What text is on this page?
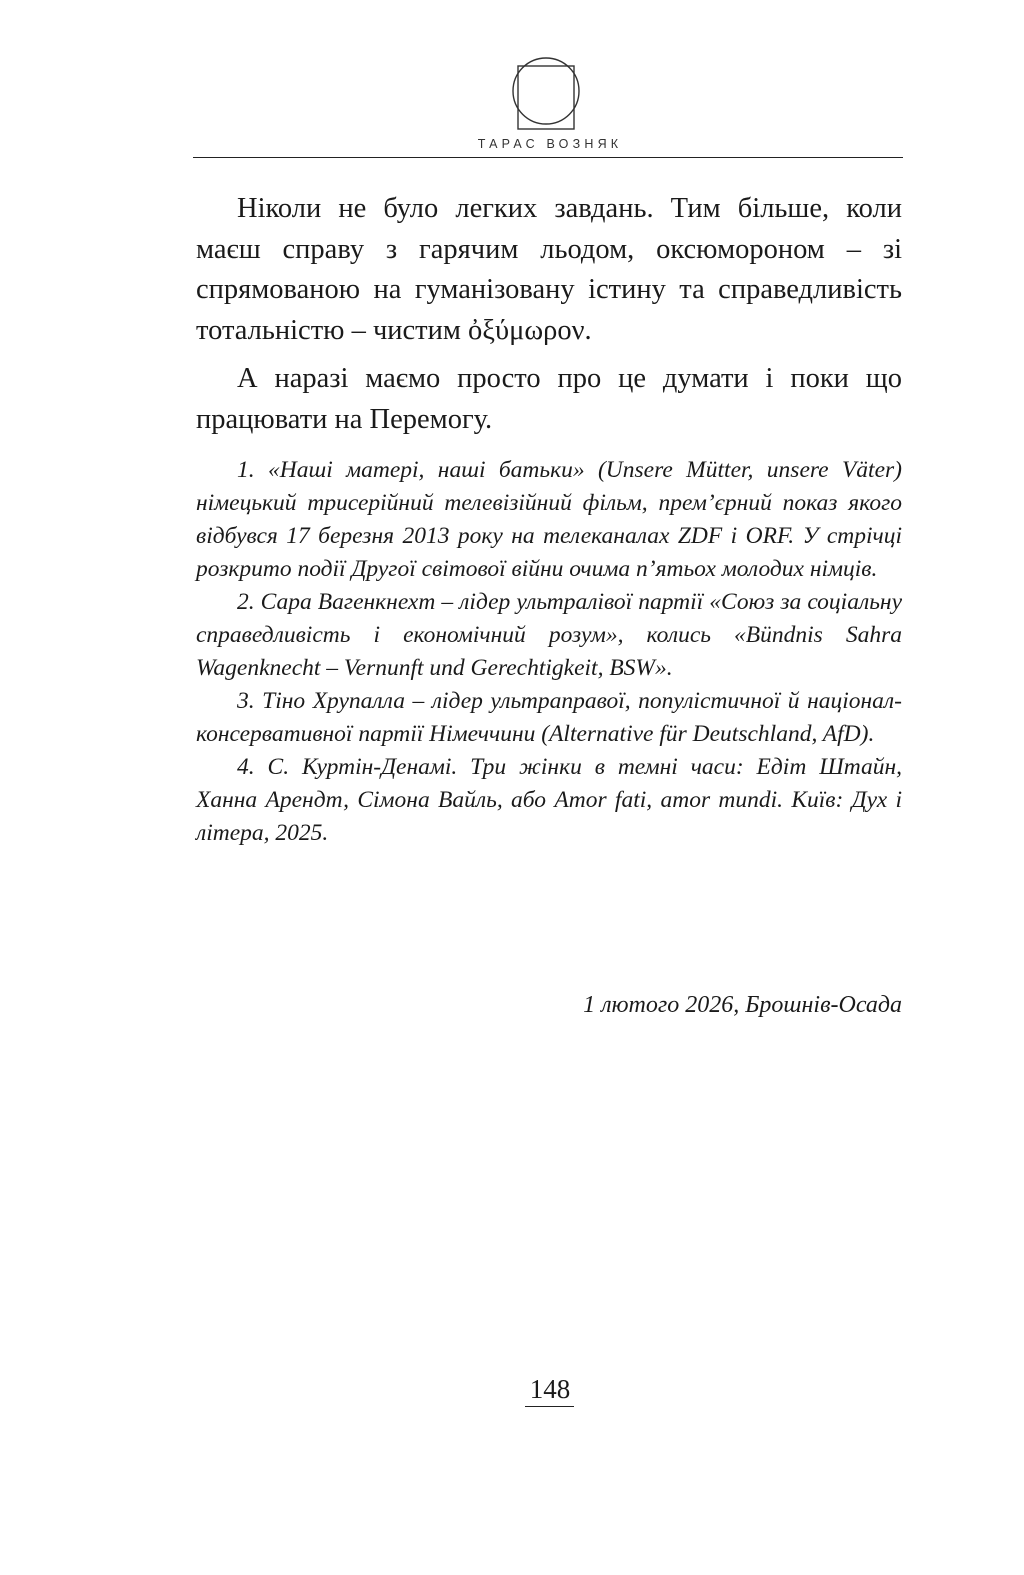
ТАРАС ВОЗНЯК

Ніколи не було легких завдань. Тим більше, коли маєш справу з гарячим льодом, оксюмороном – зі спрямованою на гуманізовану істину та справедливість тотальністю – чистим ὀξύμωρον.

А наразі маємо просто про це думати і поки що працювати на Перемогу.

1. «Наші матері, наші батьки» (Unsere Mütter, unsere Väter) німецький трисерійний телевізійний фільм, прем’єрний показ якого відбувся 17 березня 2013 року на телеканалах ZDF і ORF. У стрічці розкрито події Другої світової війни очима п’ятьох молодих німців.

2. Сара Вагенкнехт – лідер ультралівої партії «Союз за соціальну справедливість і економічний розум», колись «Bündnis Sahra Wagenknecht – Vernunft und Gerechtigkeit, BSW».

3. Тіно Хрупалла – лідер ультраправої, популістичної й націонал-консервативної партії Німеччини (Alternative für Deutschland, AfD).

4. С. Куртін-Денамі. Три жінки в темні часи: Едіт Штайн, Ханна Арендт, Сімона Вайль, або Amor fati, amor mundi. Київ: Дух і літера, 2025.

1 лютого 2026, Брошнів-Осада
148
